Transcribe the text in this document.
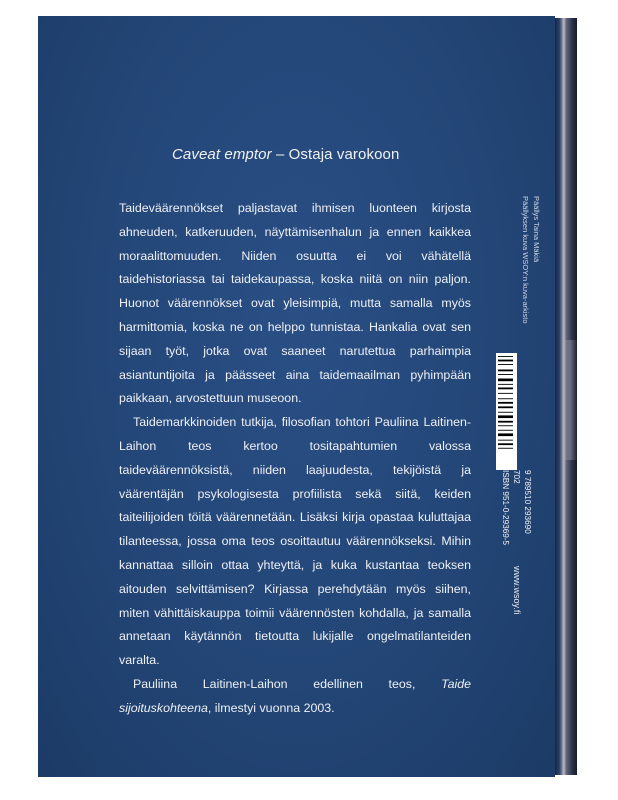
Caveat emptor – Ostaja varokoon

Taideväärennökset paljastavat ihmisen luonteen kirjosta ahneuden, katkeruuden, näyttämisenhalun ja ennen kaikkea moraalittomuuden. Niiden osuutta ei voi vähätellä taidehistoriassa tai taidekaupassa, koska niitä on niin paljon. Huonot väärennökset ovat yleisimpiä, mutta samalla myös harmittomia, koska ne on helppo tunnistaa. Hankalia ovat sen sijaan työt, jotka ovat saaneet narutettua parhaimpia asiantuntijoita ja päässeet aina taidemaailman pyhimpään paikkaan, arvostettuun museoon.

Taidemarkkinoiden tutkija, filosofian tohtori Pauliina Laitinen-Laihon teos kertoo tositapahtumien valossa taideväärennöksistä, niiden laajuudesta, tekijöistä ja väärentäjän psykologisesta profiilista sekä siitä, keiden taiteilijoiden töitä väärennetään. Lisäksi kirja opastaa kuluttajaa tilanteessa, jossa oma teos osoittautuu väärennökseksi. Mihin kannattaa silloin ottaa yhteyttä, ja kuka kustantaa teoksen aitouden selvittämisen? Kirjassa perehdytään myös siihen, miten vähittäiskauppa toimii väärennösten kohdalla, ja samalla annetaan käytännön tietoutta lukijalle ongelmatilanteiden varalta.

Pauliina Laitinen-Laihon edellinen teos, Taide sijoituskohteena, ilmestyi vuonna 2003.

Päällys Taina Mäkiä
Päällyksen kuva WSOY:n kuva-arkisto
9 789510 293690
702
ISBN 951-0-29369-5
www.wsoy.fi
